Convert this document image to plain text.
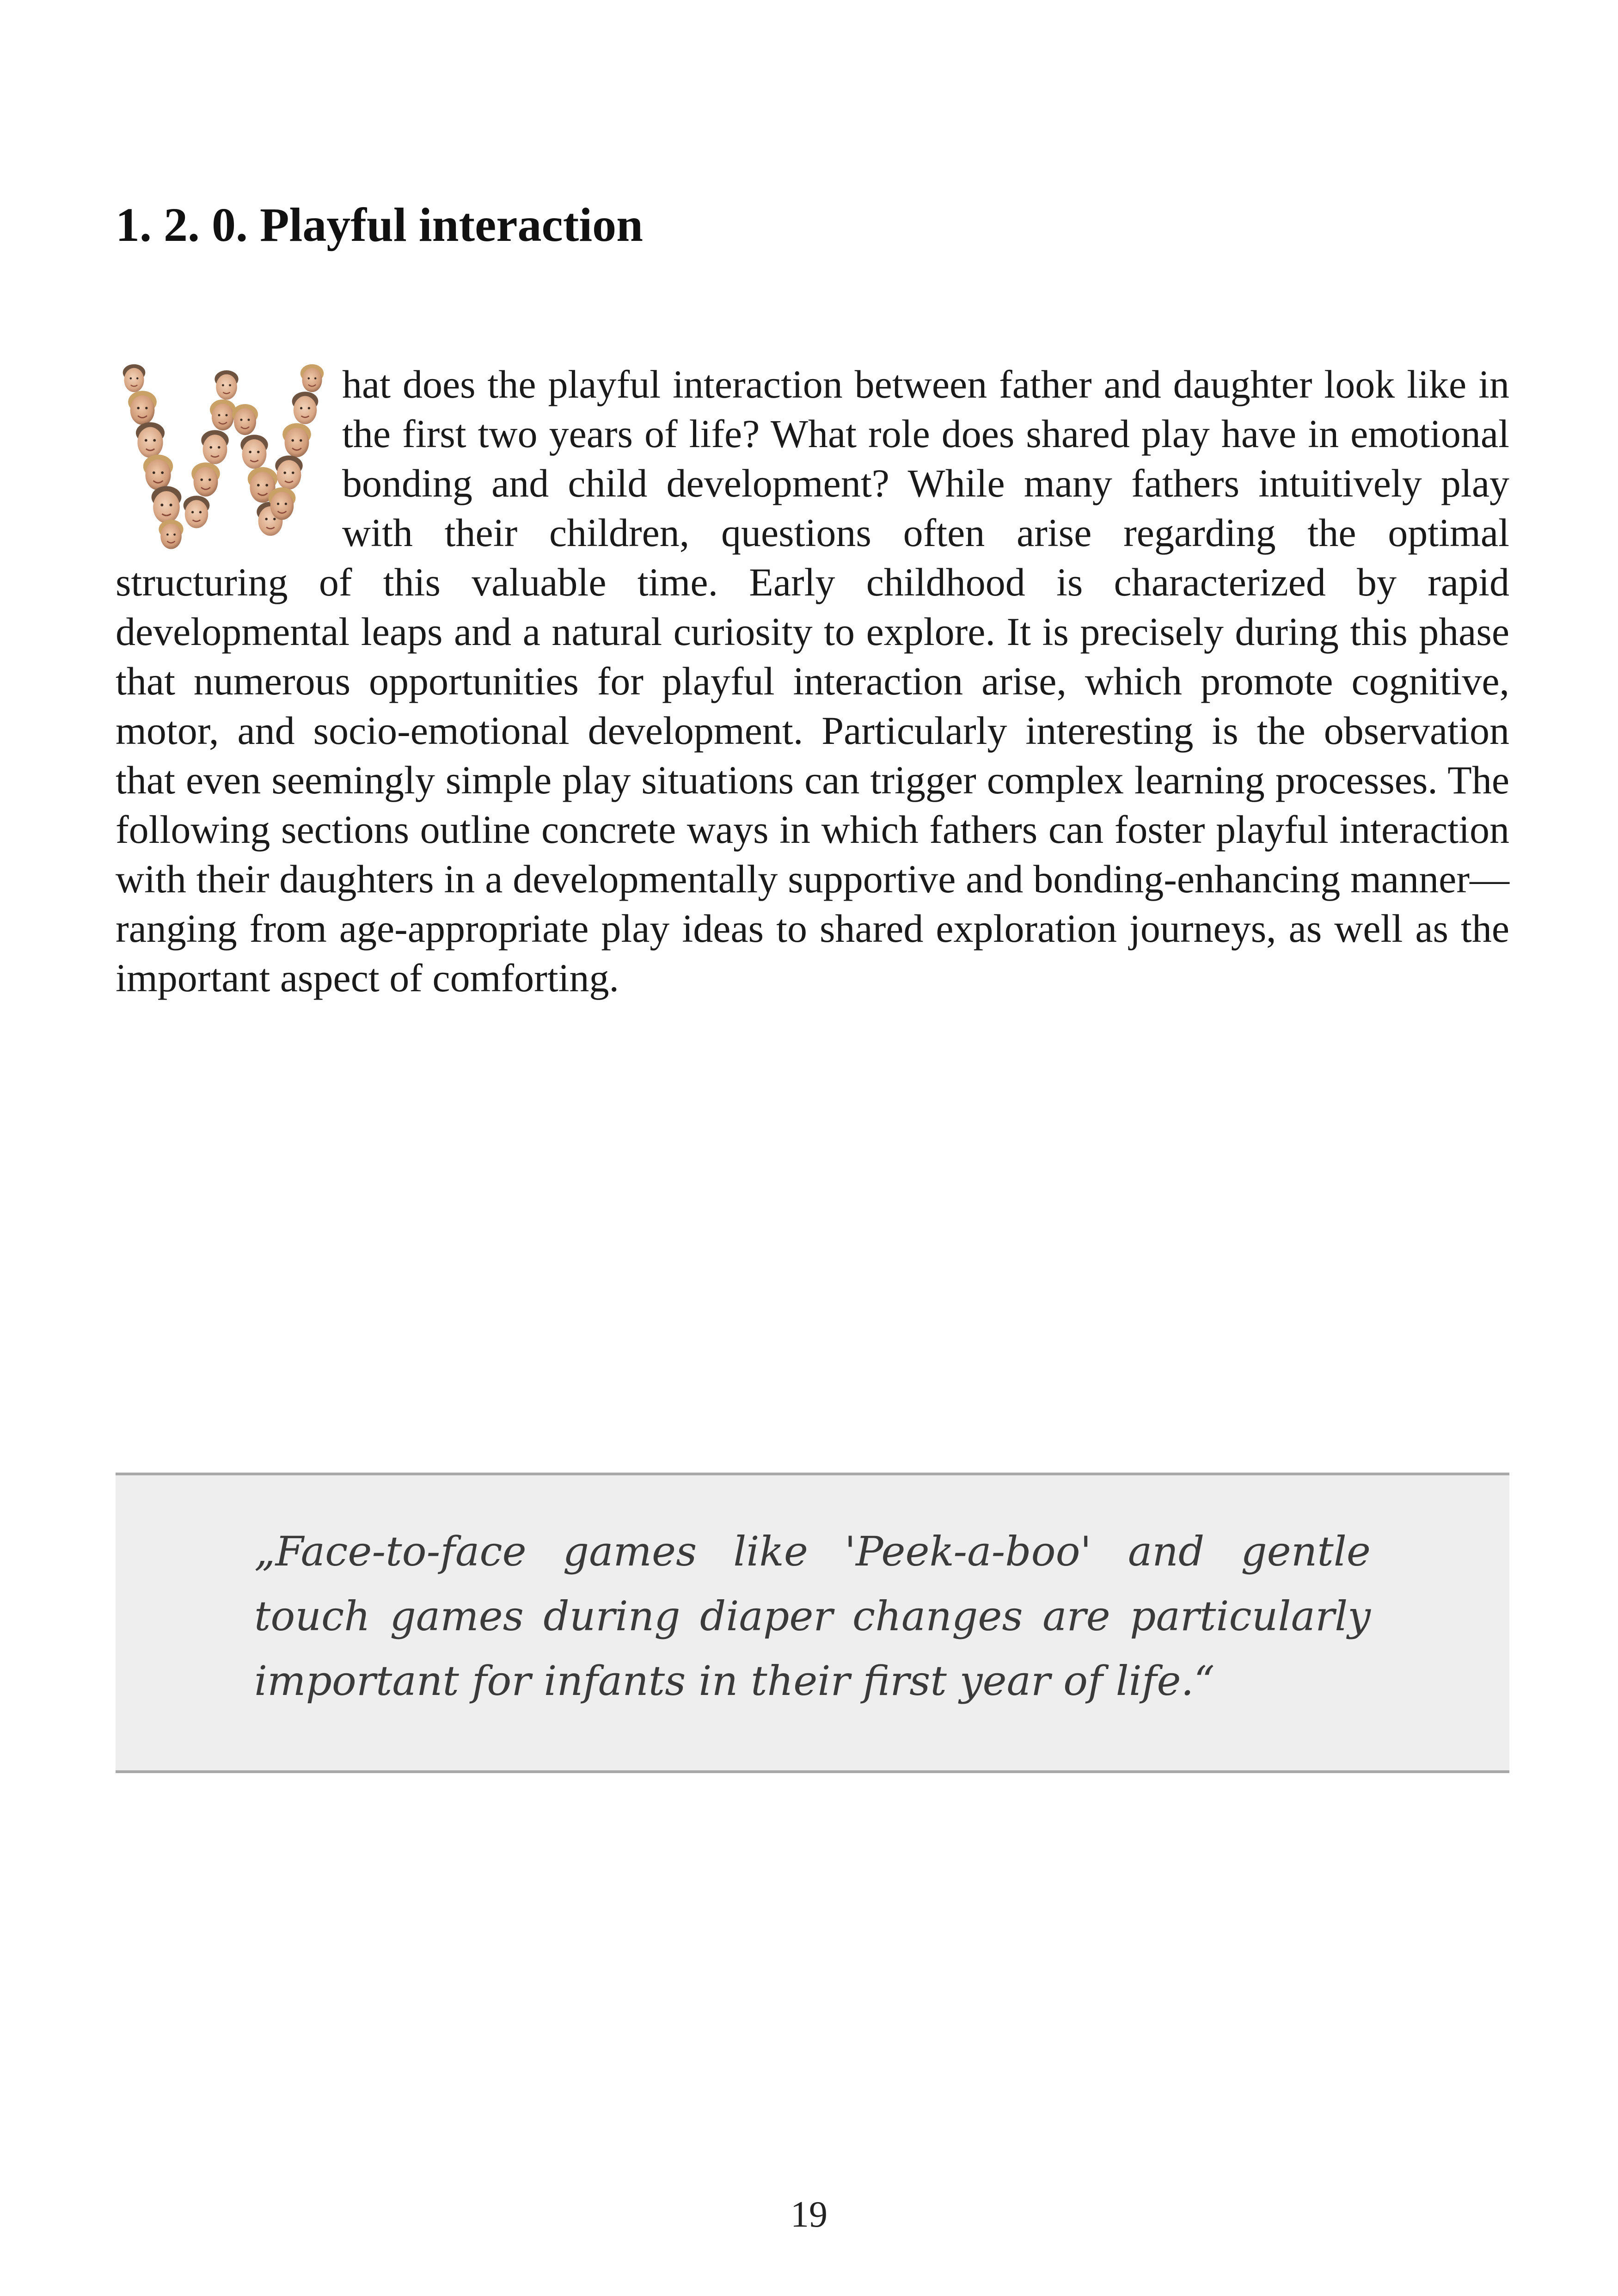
1. 2. 0. Playful interaction

hat does the playful interaction between father and daughter look like in the first two years of life? What role does shared play have in emotional bonding and child development? While many fathers intuitively play with their children, questions often arise regarding the optimal structuring of this valuable time. Early childhood is characterized by rapid developmental leaps and a natural curiosity to explore. It is precisely during this phase that numerous opportunities for playful interaction arise, which promote cognitive, motor, and socio-emotional development. Particularly interesting is the observation that even seemingly simple play situations can trigger complex learning processes. The following sections outline concrete ways in which fathers can foster playful interaction with their daughters in a developmentally supportive and bonding-enhancing manner—ranging from age-appropriate play ideas to shared exploration journeys, as well as the important aspect of comforting.

„Face-to-face games like 'Peek-a-boo' and gentle touch games during diaper changes are particularly important for infants in their first year of life.“

19
